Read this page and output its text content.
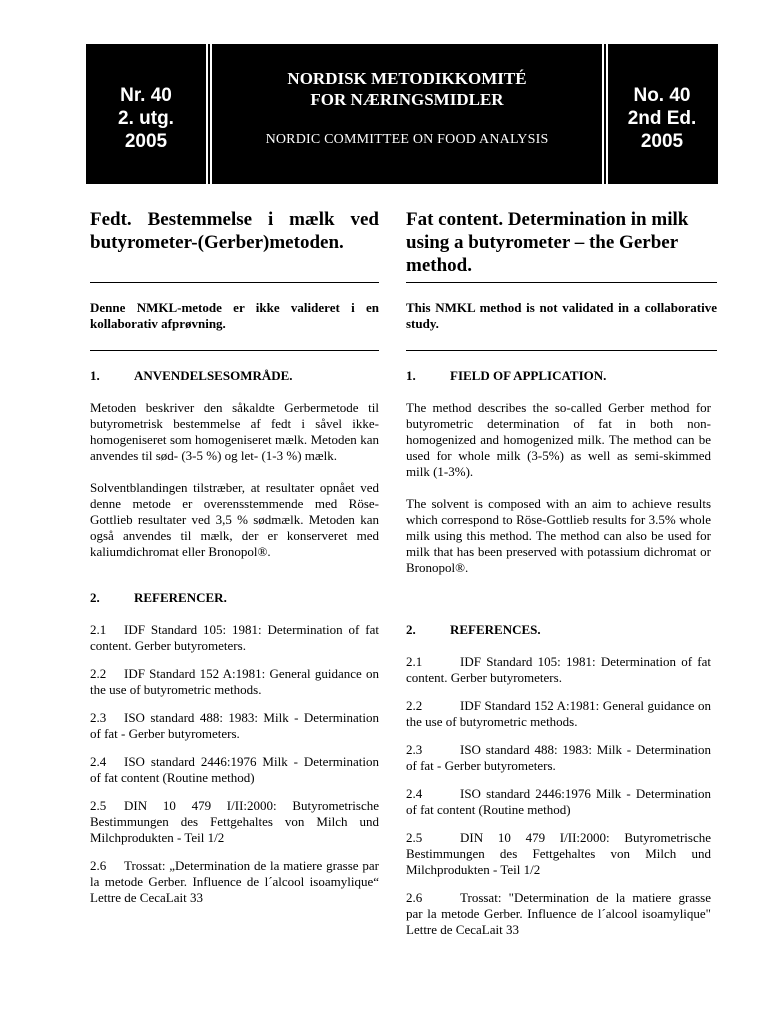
Nr. 40
2. utg.
2005
NORDISK METODIKKOMITÉ
FOR NÆRINGSMIDLER
NORDIC COMMITTEE ON FOOD ANALYSIS
No. 40
2nd Ed.
2005

Fedt. Bestemmelse i mælk ved butyrometer-(Gerber)metoden.

Denne NMKL-metode er ikke valideret i en kollaborativ afprøvning.

1.	ANVENDELSESOMRÅDE.

Metoden beskriver den såkaldte Gerbermetode til butyrometrisk bestemmelse af fedt i såvel ikke-homogeniseret som homogeniseret mælk. Metoden kan anvendes til sød- (3-5 %) og let- (1-3 %) mælk.

Solventblandingen tilstræber, at resultater opnået ved denne metode er overensstemmende med Röse-Gottlieb resultater ved 3,5 % sødmælk. Metoden kan også anvendes til mælk, der er konserveret med kaliumdichromat eller Bronopol®.

2.	REFERENCER.

2.1 IDF Standard 105: 1981: Determination of fat content. Gerber butyrometers.

2.2 IDF Standard 152 A:1981: General guidance on the use of butyrometric methods.

2.3 ISO standard 488: 1983: Milk - Determination of fat - Gerber butyrometers.

2.4 ISO standard 2446:1976 Milk - Determination of fat content (Routine method)

2.5 DIN 10 479 I/II:2000: Butyrometrische Bestimmungen des Fettgehaltes von Milch und Milchprodukten - Teil 1/2

2.6 Trossat: „Determination de la matiere grasse par la metode Gerber. Influence de l´alcool isoamylique“ Lettre de CecaLait 33

Fat content. Determination in milk using a butyrometer – the Gerber method.

This NMKL method is not validated in a collaborative study.

1.	FIELD OF APPLICATION.

The method describes the so-called Gerber method for butyrometric determination of fat in both non-homogenized and homogenized milk. The method can be used for whole milk (3-5%) as well as semi-skimmed milk (1-3%).

The solvent is composed with an aim to achieve results which correspond to Röse-Gottlieb results for 3.5% whole milk using this method. The method can also be used for milk that has been preserved with potassium dichromat or Bronopol®.

2.	REFERENCES.

2.1	IDF Standard 105: 1981: Determination of fat content. Gerber butyrometers.

2.2	IDF Standard 152 A:1981: General guidance on the use of butyrometric methods.

2.3	ISO standard 488: 1983: Milk - Determination of fat - Gerber butyrometers.

2.4	ISO standard 2446:1976 Milk - Determination of fat content (Routine method)

2.5	DIN 10 479 I/II:2000: Butyrometrische Bestimmungen des Fettgehaltes von Milch und Milchprodukten - Teil 1/2

2.6	Trossat: "Determination de la matiere grasse par la metode Gerber. Influence de l´alcool isoamylique" Lettre de CecaLait 33
